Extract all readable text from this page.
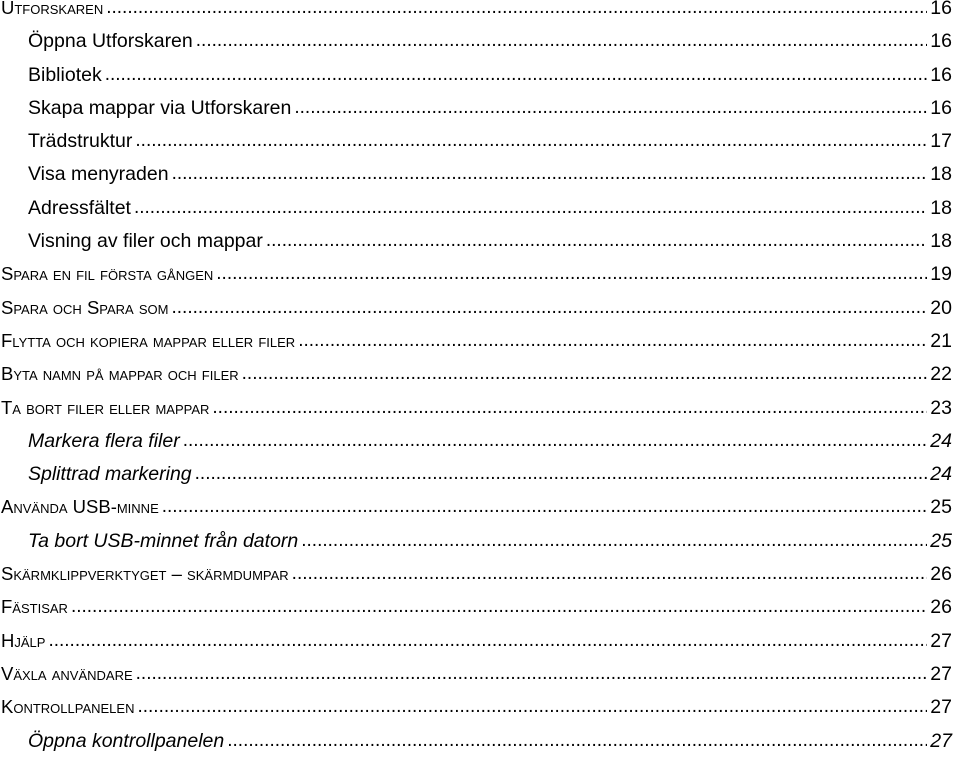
Utforskaren .....	16
Öppna Utforskaren .....	16
Bibliotek .....	16
Skapa mappar via Utforskaren .....	16
Trädstruktur .....	17
Visa menyraden .....	18
Adressfältet .....	18
Visning av filer och mappar .....	18
Spara en fil första gången .....	19
Spara och Spara som .....	20
Flytta och kopiera mappar eller filer .....	21
Byta namn på mappar och filer .....	22
Ta bort filer eller mappar .....	23
Markera flera filer .....	24
Splittrad markering .....	24
Använda USB-minne .....	25
Ta bort USB-minnet från datorn .....	25
Skärmklippverktyget – skärmdumpar .....	26
Fästisar .....	26
Hjälp .....	27
Växla användare .....	27
Kontrollpanelen .....	27
Öppna kontrollpanelen .....	27
